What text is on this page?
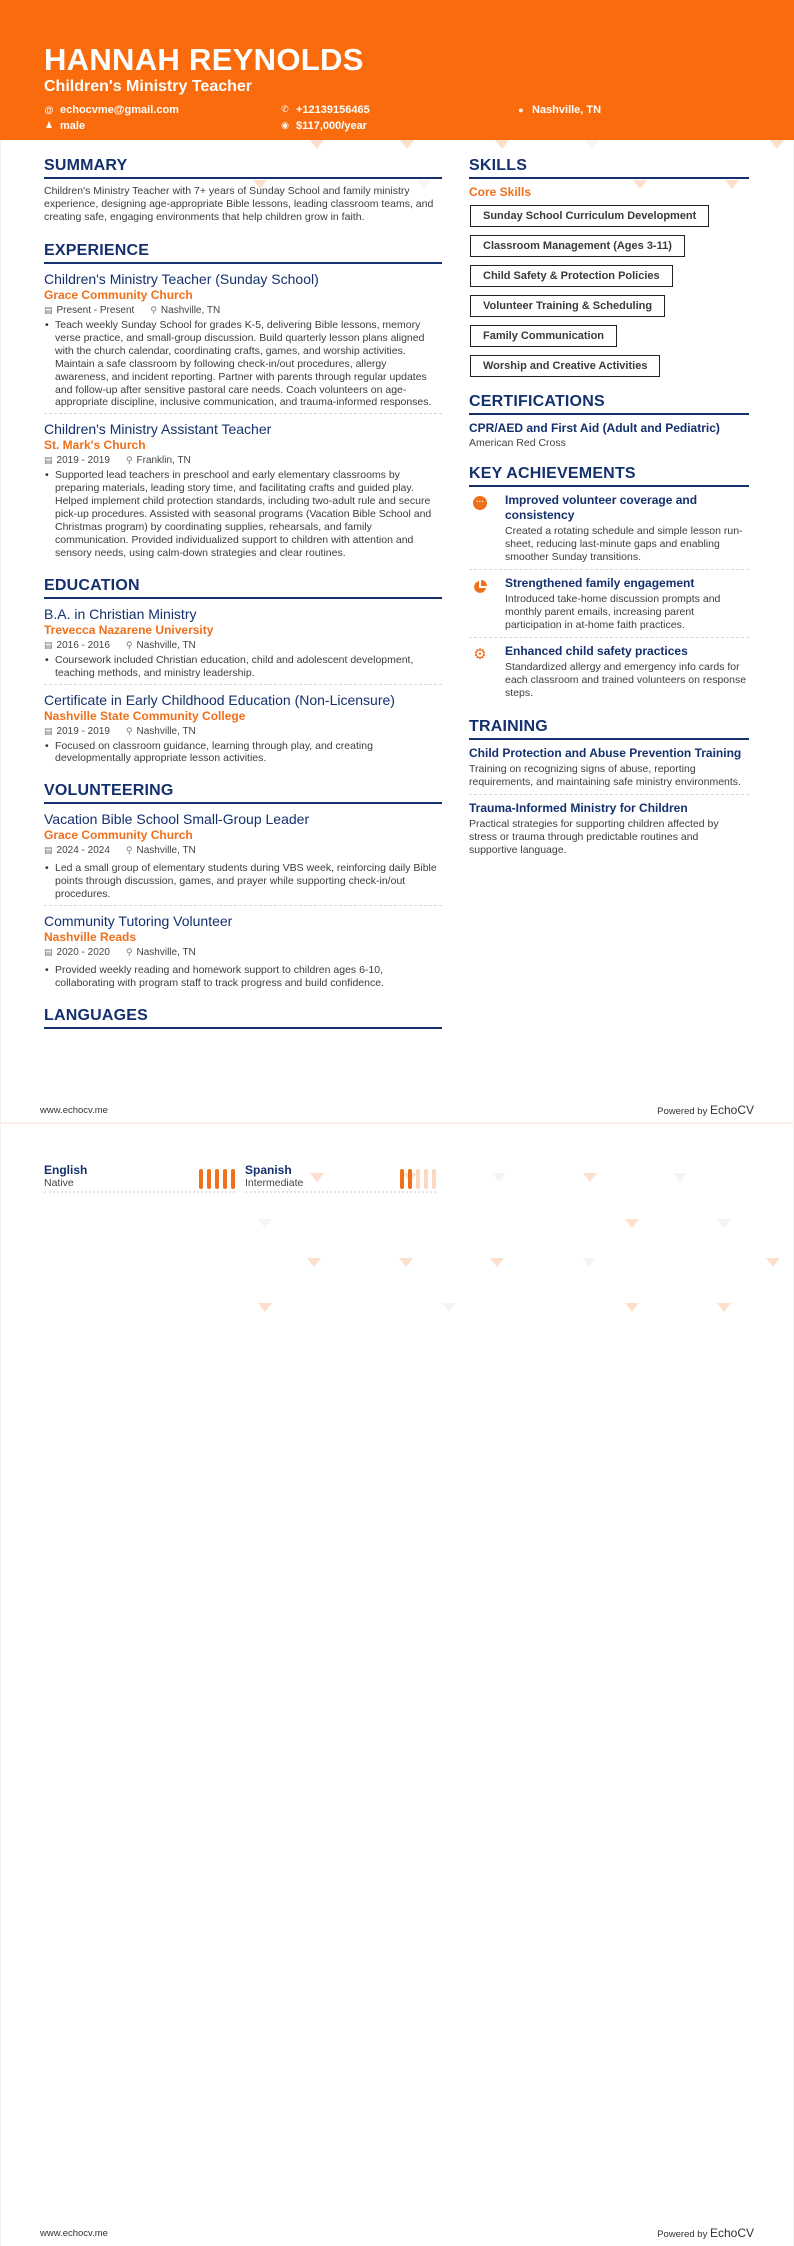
HANNAH REYNOLDS
Children's Ministry Teacher
@ echocvme@gmail.com	✆ +12139156465	● Nashville, TN
♟ male	◉ $117,000/year
SUMMARY

Children's Ministry Teacher with 7+ years of Sunday School and family ministry experience, designing age-appropriate Bible lessons, leading classroom teams, and creating safe, engaging environments that help children grow in faith.

EXPERIENCE
Children's Ministry Teacher (Sunday School)
Grace Community Church
▤ Present - Present ⚲ Nashville, TN
• Teach weekly Sunday School for grades K-5, delivering Bible lessons, memory verse practice, and small-group discussion. Build quarterly lesson plans aligned with the church calendar, coordinating crafts, games, and worship activities. Maintain a safe classroom by following check-in/out procedures, allergy awareness, and incident reporting. Partner with parents through regular updates and follow-up after sensitive pastoral care needs. Coach volunteers on age-appropriate discipline, inclusive communication, and trauma-informed responses.
Children's Ministry Assistant Teacher
St. Mark's Church
▤ 2019 - 2019 ⚲ Franklin, TN
• Supported lead teachers in preschool and early elementary classrooms by preparing materials, leading story time, and facilitating crafts and guided play. Helped implement child protection standards, including two-adult rule and secure pick-up procedures. Assisted with seasonal programs (Vacation Bible School and Christmas program) by coordinating supplies, rehearsals, and family communication. Provided individualized support to children with attention and sensory needs, using calm-down strategies and clear routines.
EDUCATION
B.A. in Christian Ministry
Trevecca Nazarene University
▤ 2016 - 2016 ⚲ Nashville, TN
• Coursework included Christian education, child and adolescent development, teaching methods, and ministry leadership.
Certificate in Early Childhood Education (Non-Licensure)
Nashville State Community College
▤ 2019 - 2019 ⚲ Nashville, TN
• Focused on classroom guidance, learning through play, and creating developmentally appropriate lesson activities.
VOLUNTEERING
Vacation Bible School Small-Group Leader
Grace Community Church
▤ 2024 - 2024 ⚲ Nashville, TN
• Led a small group of elementary students during VBS week, reinforcing daily Bible points through discussion, games, and prayer while supporting check-in/out procedures.
Community Tutoring Volunteer
Nashville Reads
▤ 2020 - 2020 ⚲ Nashville, TN
• Provided weekly reading and homework support to children ages 6-10, collaborating with program staff to track progress and build confidence.
LANGUAGES
SKILLS
Core Skills
Sunday School Curriculum Development
Classroom Management (Ages 3-11)
Child Safety & Protection Policies
Volunteer Training & Scheduling
Family Communication
Worship and Creative Activities
CERTIFICATIONS
CPR/AED and First Aid (Adult and Pediatric)
American Red Cross
KEY ACHIEVEMENTS
··· Improved volunteer coverage and consistency
Created a rotating schedule and simple lesson run-sheet, reducing last-minute gaps and enabling smoother Sunday transitions.
Strengthened family engagement
Introduced take-home discussion prompts and monthly parent emails, increasing parent participation in at-home faith practices.
⚙ Enhanced child safety practices
Standardized allergy and emergency info cards for each classroom and trained volunteers on response steps.
TRAINING
Child Protection and Abuse Prevention Training
Training on recognizing signs of abuse, reporting requirements, and maintaining safe ministry environments.
Trauma-Informed Ministry for Children
Practical strategies for supporting children affected by stress or trauma through predictable routines and supportive language.
www.echocv.me	Powered by EchoCV
English
Native
Spanish
Intermediate
www.echocv.me	Powered by EchoCV
